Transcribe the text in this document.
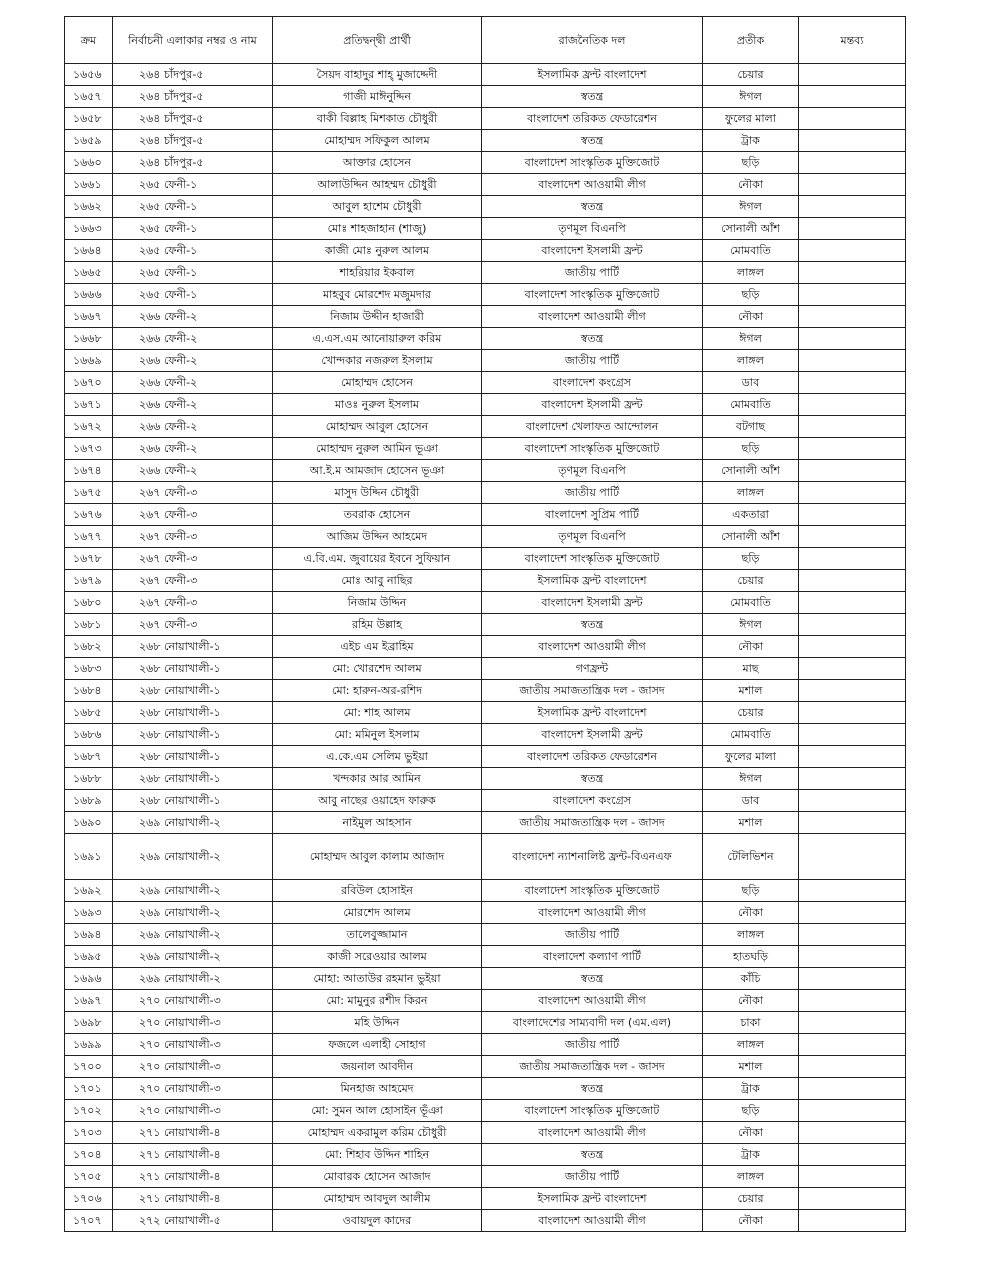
ক্রম	নির্বাচনী এলাকার নম্বর ও নাম	প্রতিদ্বন্দ্বী প্রার্থী	রাজনৈতিক দল	প্রতীক	মন্তব্য
১৬৫৬	২৬৪ চাঁদপুর-৫	সৈয়দ বাহাদুর শাহ্ মুজাদ্দেদী	ইসলামিক ফ্রন্ট বাংলাদেশ	চেয়ার	
১৬৫৭	২৬৪ চাঁদপুর-৫	গাজী মাঈনুদ্দিন	স্বতন্ত্র	ঈগল	
১৬৫৮	২৬৪ চাঁদপুর-৫	বাকী বিল্লাহ মিশকাত চৌধুরী	বাংলাদেশ তরিকত ফেডারেশন	ফুলের মালা	
১৬৫৯	২৬৪ চাঁদপুর-৫	মোহাম্মদ সফিকুল আলম	স্বতন্ত্র	ট্রাক	
১৬৬০	২৬৪ চাঁদপুর-৫	আক্তার হোসেন	বাংলাদেশ সাংস্কৃতিক মুক্তিজোট	ছড়ি	
১৬৬১	২৬৫ ফেনী-১	আলাউদ্দিন আহম্মদ চৌধুরী	বাংলাদেশ আওয়ামী লীগ	নৌকা	
১৬৬২	২৬৫ ফেনী-১	আবুল হাশেম চৌধুরী	স্বতন্ত্র	ঈগল	
১৬৬৩	২৬৫ ফেনী-১	মোঃ শাহজাহান (শাজু)	তৃণমূল বিএনপি	সোনালী আঁশ	
১৬৬৪	২৬৫ ফেনী-১	কাজী মোঃ নুরুল আলম	বাংলাদেশ ইসলামী ফ্রন্ট	মোমবাতি	
১৬৬৫	২৬৫ ফেনী-১	শাহরিয়ার ইকবাল	জাতীয় পার্টি	লাঙ্গল	
১৬৬৬	২৬৫ ফেনী-১	মাহবুব মোরশেদ মজুমদার	বাংলাদেশ সাংস্কৃতিক মুক্তিজোট	ছড়ি	
১৬৬৭	২৬৬ ফেনী-২	নিজাম উদ্দীন হাজারী	বাংলাদেশ আওয়ামী লীগ	নৌকা	
১৬৬৮	২৬৬ ফেনী-২	এ.এস.এম আনোয়ারুল করিম	স্বতন্ত্র	ঈগল	
১৬৬৯	২৬৬ ফেনী-২	খোন্দকার নজরুল ইসলাম	জাতীয় পার্টি	লাঙ্গল	
১৬৭০	২৬৬ ফেনী-২	মোহাম্মদ হোসেন	বাংলাদেশ কংগ্রেস	ডাব	
১৬৭১	২৬৬ ফেনী-২	মাওঃ নুরুল ইসলাম	বাংলাদেশ ইসলামী ফ্রন্ট	মোমবাতি	
১৬৭২	২৬৬ ফেনী-২	মোহাম্মদ আবুল হোসেন	বাংলাদেশ খেলাফত আন্দোলন	বটগাছ	
১৬৭৩	২৬৬ ফেনী-২	মোহাম্মদ নুরুল আমিন ভূঞা	বাংলাদেশ সাংস্কৃতিক মুক্তিজোট	ছড়ি	
১৬৭৪	২৬৬ ফেনী-২	আ.ই.ম আমজাদ হোসেন ভূঞা	তৃণমূল বিএনপি	সোনালী আঁশ	
১৬৭৫	২৬৭ ফেনী-৩	মাসুদ উদ্দিন চৌধুরী	জাতীয় পার্টি	লাঙ্গল	
১৬৭৬	২৬৭ ফেনী-৩	তবরাক হোসেন	বাংলাদেশ সুপ্রিম পার্টি	একতারা	
১৬৭৭	২৬৭ ফেনী-৩	আজিম উদ্দিন আহমেদ	তৃণমূল বিএনপি	সোনালী আঁশ	
১৬৭৮	২৬৭ ফেনী-৩	এ.বি.এম. জুবায়ের ইবনে সুফিয়ান	বাংলাদেশ সাংস্কৃতিক মুক্তিজোট	ছড়ি	
১৬৭৯	২৬৭ ফেনী-৩	মোঃ আবু নাছির	ইসলামিক ফ্রন্ট বাংলাদেশ	চেয়ার	
১৬৮০	২৬৭ ফেনী-৩	নিজাম উদ্দিন	বাংলাদেশ ইসলামী ফ্রন্ট	মোমবাতি	
১৬৮১	২৬৭ ফেনী-৩	রহিম উল্লাহ	স্বতন্ত্র	ঈগল	
১৬৮২	২৬৮ নোয়াখালী-১	এইচ এম ইব্রাহিম	বাংলাদেশ আওয়ামী লীগ	নৌকা	
১৬৮৩	২৬৮ নোয়াখালী-১	মো: খোরশেদ আলম	গণফ্রন্ট	মাছ	
১৬৮৪	২৬৮ নোয়াখালী-১	মো: হারুন-অর-রশিদ	জাতীয় সমাজতান্ত্রিক দল - জাসদ	মশাল	
১৬৮৫	২৬৮ নোয়াখালী-১	মো: শাহ আলম	ইসলামিক ফ্রন্ট বাংলাদেশ	চেয়ার	
১৬৮৬	২৬৮ নোয়াখালী-১	মো: মমিনুল ইসলাম	বাংলাদেশ ইসলামী ফ্রন্ট	মোমবাতি	
১৬৮৭	২৬৮ নোয়াখালী-১	এ.কে.এম সেলিম ভুইয়া	বাংলাদেশ তরিকত ফেডারেশন	ফুলের মালা	
১৬৮৮	২৬৮ নোয়াখালী-১	খন্দকার আর আমিন	স্বতন্ত্র	ঈগল	
১৬৮৯	২৬৮ নোয়াখালী-১	আবু নাছের ওয়াহেদ ফারুক	বাংলাদেশ কংগ্রেস	ডাব	
১৬৯০	২৬৯ নোয়াখালী-২	নাইমুল আহসান	জাতীয় সমাজতান্ত্রিক দল - জাসদ	মশাল	
১৬৯১	২৬৯ নোয়াখালী-২	মোহাম্মদ আবুল কালাম আজাদ	বাংলাদেশ ন্যাশনালিষ্ট ফ্রন্ট-বিএনএফ	টেলিভিশন	
১৬৯২	২৬৯ নোয়াখালী-২	রবিউল হোসাইন	বাংলাদেশ সাংস্কৃতিক মুক্তিজোট	ছড়ি	
১৬৯৩	২৬৯ নোয়াখালী-২	মোরশেদ আলম	বাংলাদেশ আওয়ামী লীগ	নৌকা	
১৬৯৪	২৬৯ নোয়াখালী-২	তালেবুজ্জামান	জাতীয় পার্টি	লাঙ্গল	
১৬৯৫	২৬৯ নোয়াখালী-২	কাজী সরেওয়ার আলম	বাংলাদেশ কল্যাণ পার্টি	হাতঘড়ি	
১৬৯৬	২৬৯ নোয়াখালী-২	মোহা: আতাউর রহমান ভুইয়া	স্বতন্ত্র	কাঁচি	
১৬৯৭	২৭০ নোয়াখালী-৩	মো: মামুনুর রশীদ কিরন	বাংলাদেশ আওয়ামী লীগ	নৌকা	
১৬৯৮	২৭০ নোয়াখালী-৩	মহি উদ্দিন	বাংলাদেশের সাম্যবাদী দল (এম.এল)	চাকা	
১৬৯৯	২৭০ নোয়াখালী-৩	ফজলে এলাহী সোহাগ	জাতীয় পার্টি	লাঙ্গল	
১৭০০	২৭০ নোয়াখালী-৩	জয়নাল আবদীন	জাতীয় সমাজতান্ত্রিক দল - জাসদ	মশাল	
১৭০১	২৭০ নোয়াখালী-৩	মিনহাজ আহমেদ	স্বতন্ত্র	ট্রাক	
১৭০২	২৭০ নোয়াখালী-৩	মো: সুমন আল হোসাইন ভূঁঞা	বাংলাদেশ সাংস্কৃতিক মুক্তিজোট	ছড়ি	
১৭০৩	২৭১ নোয়াখালী-৪	মোহাম্মদ একরামুল করিম চৌধুরী	বাংলাদেশ আওয়ামী লীগ	নৌকা	
১৭০৪	২৭১ নোয়াখালী-৪	মো: শিহাব উদ্দিন শাহিন	স্বতন্ত্র	ট্রাক	
১৭০৫	২৭১ নোয়াখালী-৪	মোবারক হোসেন আজাদ	জাতীয় পার্টি	লাঙ্গল	
১৭০৬	২৭১ নোয়াখালী-৪	মোহাম্মদ আবদুল আলীম	ইসলামিক ফ্রন্ট বাংলাদেশ	চেয়ার	
১৭০৭	২৭২ নোয়াখালী-৫	ওবায়দুল কাদের	বাংলাদেশ আওয়ামী লীগ	নৌকা	
